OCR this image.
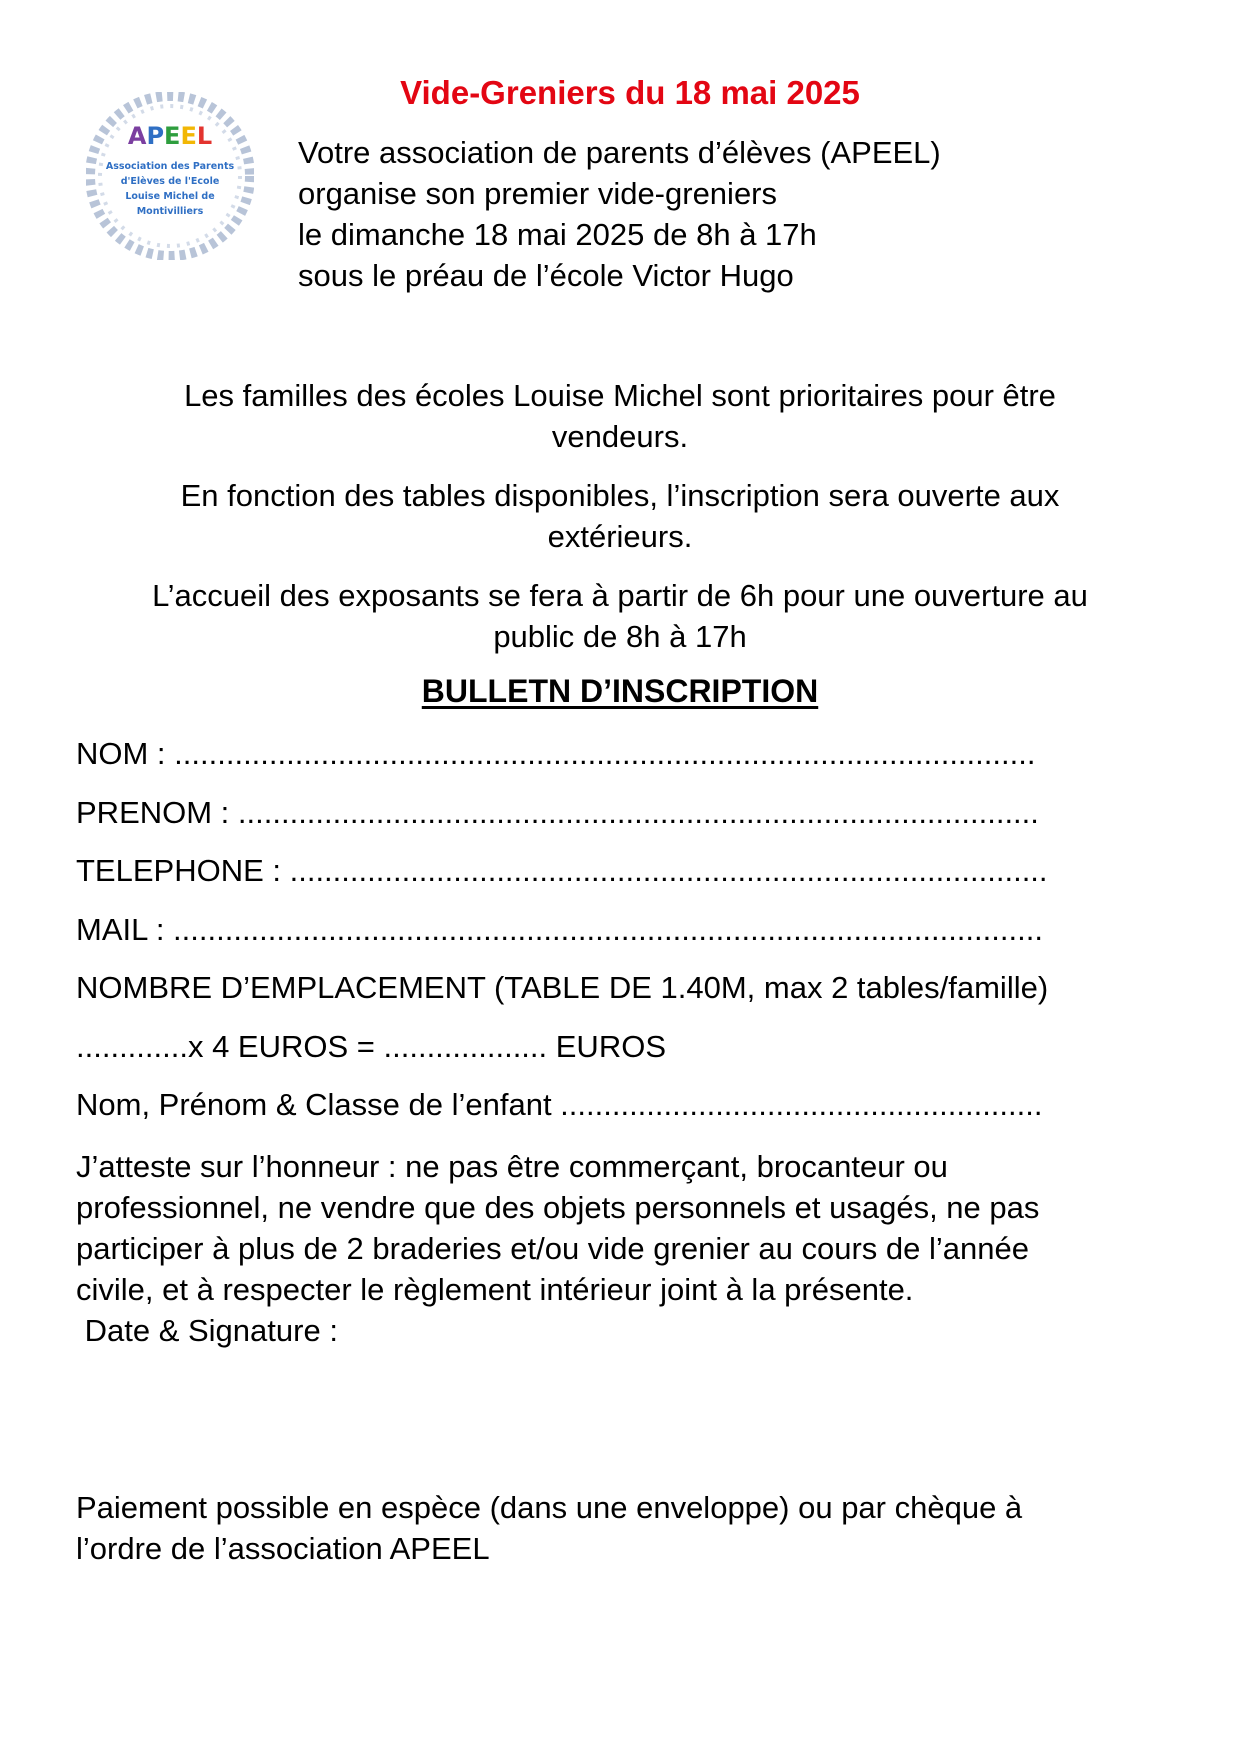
APEEL
Association des Parents
d'Elèves de l'Ecole
Louise Michel de
Montivilliers
Vide-Greniers du 18 mai 2025
Votre association de parents d’élèves (APEEL)
organise son premier vide-greniers
le dimanche 18 mai 2025 de 8h à 17h
sous le préau de l’école Victor Hugo
Les familles des écoles Louise Michel sont prioritaires pour être
vendeurs.
En fonction des tables disponibles, l’inscription sera ouverte aux
extérieurs.
L’accueil des exposants se fera à partir de 6h pour une ouverture au
public de 8h à 17h
BULLETN D’INSCRIPTION
NOM : ....................................................................................................
PRENOM : .............................................................................................
TELEPHONE : ........................................................................................
MAIL : .....................................................................................................
NOMBRE D’EMPLACEMENT (TABLE DE 1.40M, max 2 tables/famille)
.............x 4 EUROS = ................... EUROS
Nom, Prénom & Classe de l’enfant ........................................................
J’atteste sur l’honneur : ne pas être commerçant, brocanteur ou
professionnel, ne vendre que des objets personnels et usagés, ne pas
participer à plus de 2 braderies et/ou vide grenier au cours de l’année
civile, et à respecter le règlement intérieur joint à la présente.
Date & Signature :
Paiement possible en espèce (dans une enveloppe) ou par chèque à
l’ordre de l’association APEEL
